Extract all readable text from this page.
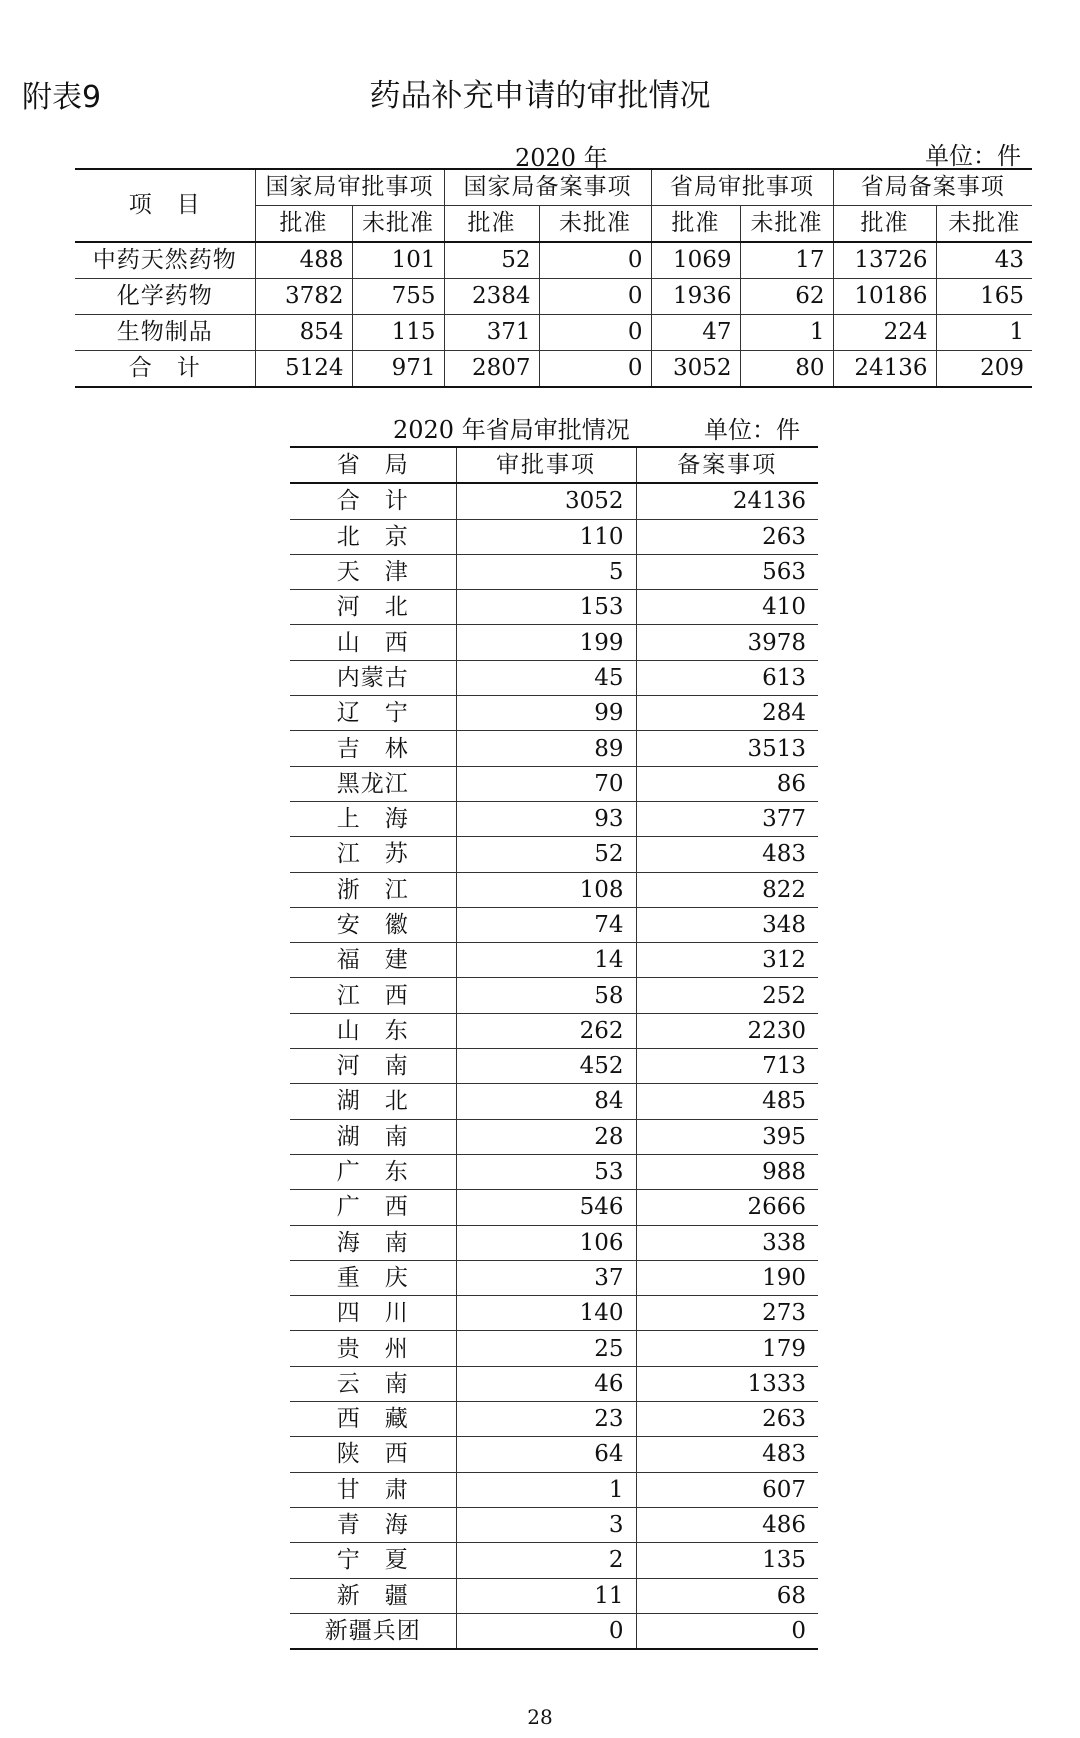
附表9	药品补充申请的审批情况
2020 年	单位：件
项　目	国家局审批事项		国家局备案事项		省局审批事项		省局备案事项	
	批准	未批准	批准	未批准	批准	未批准	批准	未批准
中药天然药物	488	101	52	0	1069	17	13726	43
化学药物	3782	755	2384	0	1936	62	10186	165
生物制品	854	115	371	0	47	1	224	1
合　计	5124	971	2807	0	3052	80	24136	209
2020 年省局审批情况	单位：件
省　局	审批事项	备案事项
合　计	3052	24136
北　京	110	263
天　津	5	563
河　北	153	410
山　西	199	3978
内蒙古	45	613
辽　宁	99	284
吉　林	89	3513
黑龙江	70	86
上　海	93	377
江　苏	52	483
浙　江	108	822
安　徽	74	348
福　建	14	312
江　西	58	252
山　东	262	2230
河　南	452	713
湖　北	84	485
湖　南	28	395
广　东	53	988
广　西	546	2666
海　南	106	338
重　庆	37	190
四　川	140	273
贵　州	25	179
云　南	46	1333
西　藏	23	263
陕　西	64	483
甘　肃	1	607
青　海	3	486
宁　夏	2	135
新　疆	11	68
新疆兵团	0	0
28
